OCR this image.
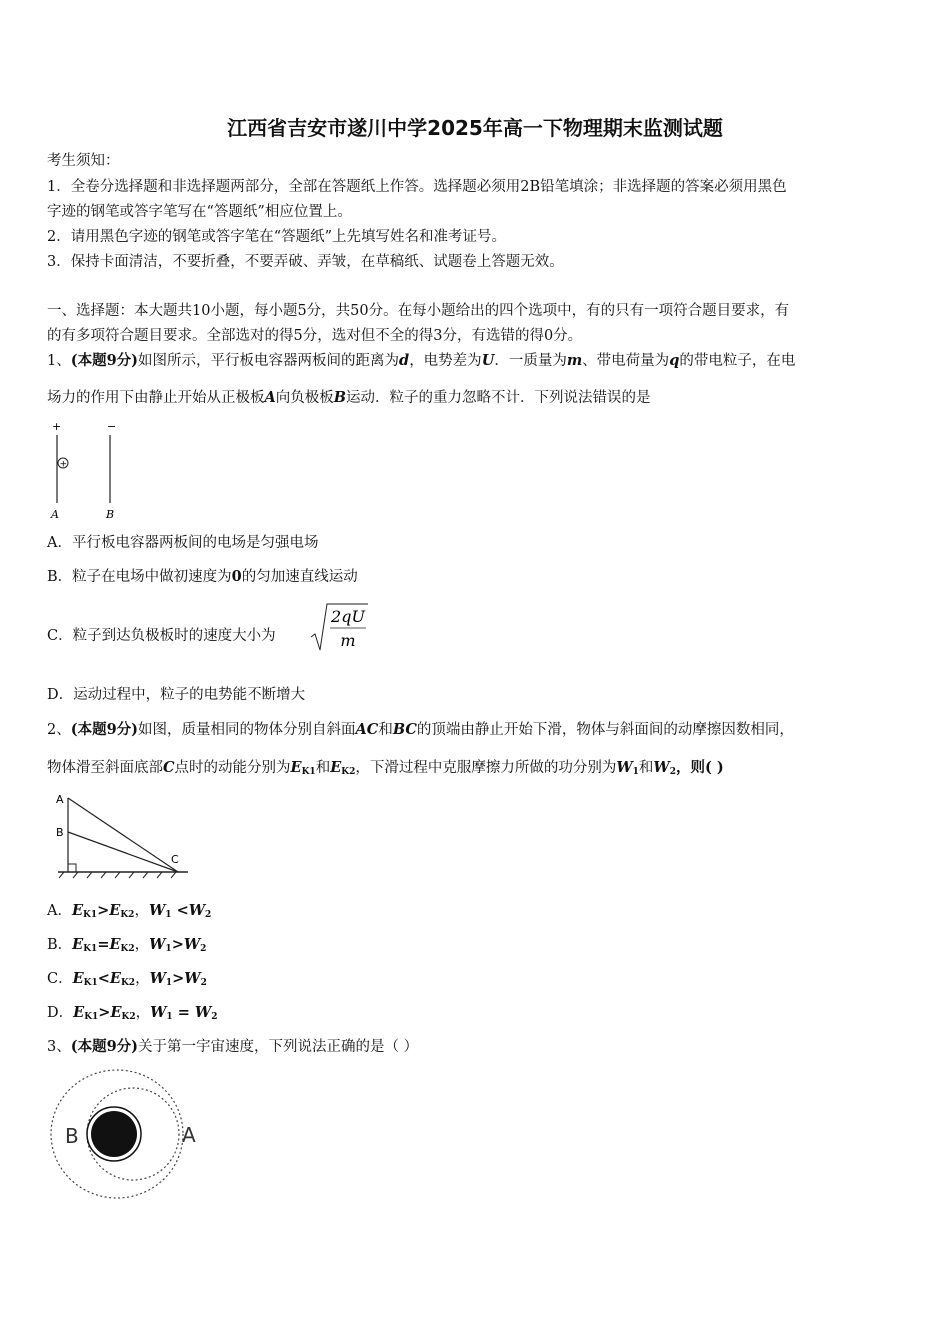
江西省吉安市遂川中学2025年高一下物理期末监测试题
考生须知：
1．全卷分选择题和非选择题两部分，全部在答题纸上作答。选择题必须用2B铅笔填涂；非选择题的答案必须用黑色
字迹的钢笔或答字笔写在“答题纸”相应位置上。
2．请用黑色字迹的钢笔或答字笔在“答题纸”上先填写姓名和准考证号。
3．保持卡面清洁，不要折叠，不要弄破、弄皱，在草稿纸、试题卷上答题无效。
一、选择题：本大题共10小题，每小题5分，共50分。在每小题给出的四个选项中，有的只有一项符合题目要求，有
的有多项符合题目要求。全部选对的得5分，选对但不全的得3分，有选错的得0分。
1、(本题9分)如图所示，平行板电容器两板间的距离为d，电势差为U．一质量为m、带电荷量为q的带电粒子，在电
场力的作用下由静止开始从正极板A向负极板B运动．粒子的重力忽略不计．下列说法错误的是
+	−
+
A	B
A．平行板电容器两板间的电场是匀强电场
B．粒子在电场中做初速度为0的匀加速直线运动
C．粒子到达负极板时的速度大小为
2qU
m
D．运动过程中，粒子的电势能不断增大
2、(本题9分)如图，质量相同的物体分别自斜面AC和BC的顶端由静止开始下滑，物体与斜面间的动摩擦因数相同，
物体滑至斜面底部C点时的动能分别为$E_{K1}$和$E_{K2}$，下滑过程中克服摩擦力所做的功分别为$W_1$和$W_2$，则( )
A
B
C
A．$E_{K1}>E_{K2}$，$W_1 <W_2$
B．$E_{K1}=E_{K2}$，$W_1>W_2$
C．$E_{K1}<E_{K2}$，$W_1>W_2$
D．$E_{K1}>E_{K2}$，$W_1 = W_2$
3、(本题9分)关于第一宇宙速度，下列说法正确的是（ ）
B	A
